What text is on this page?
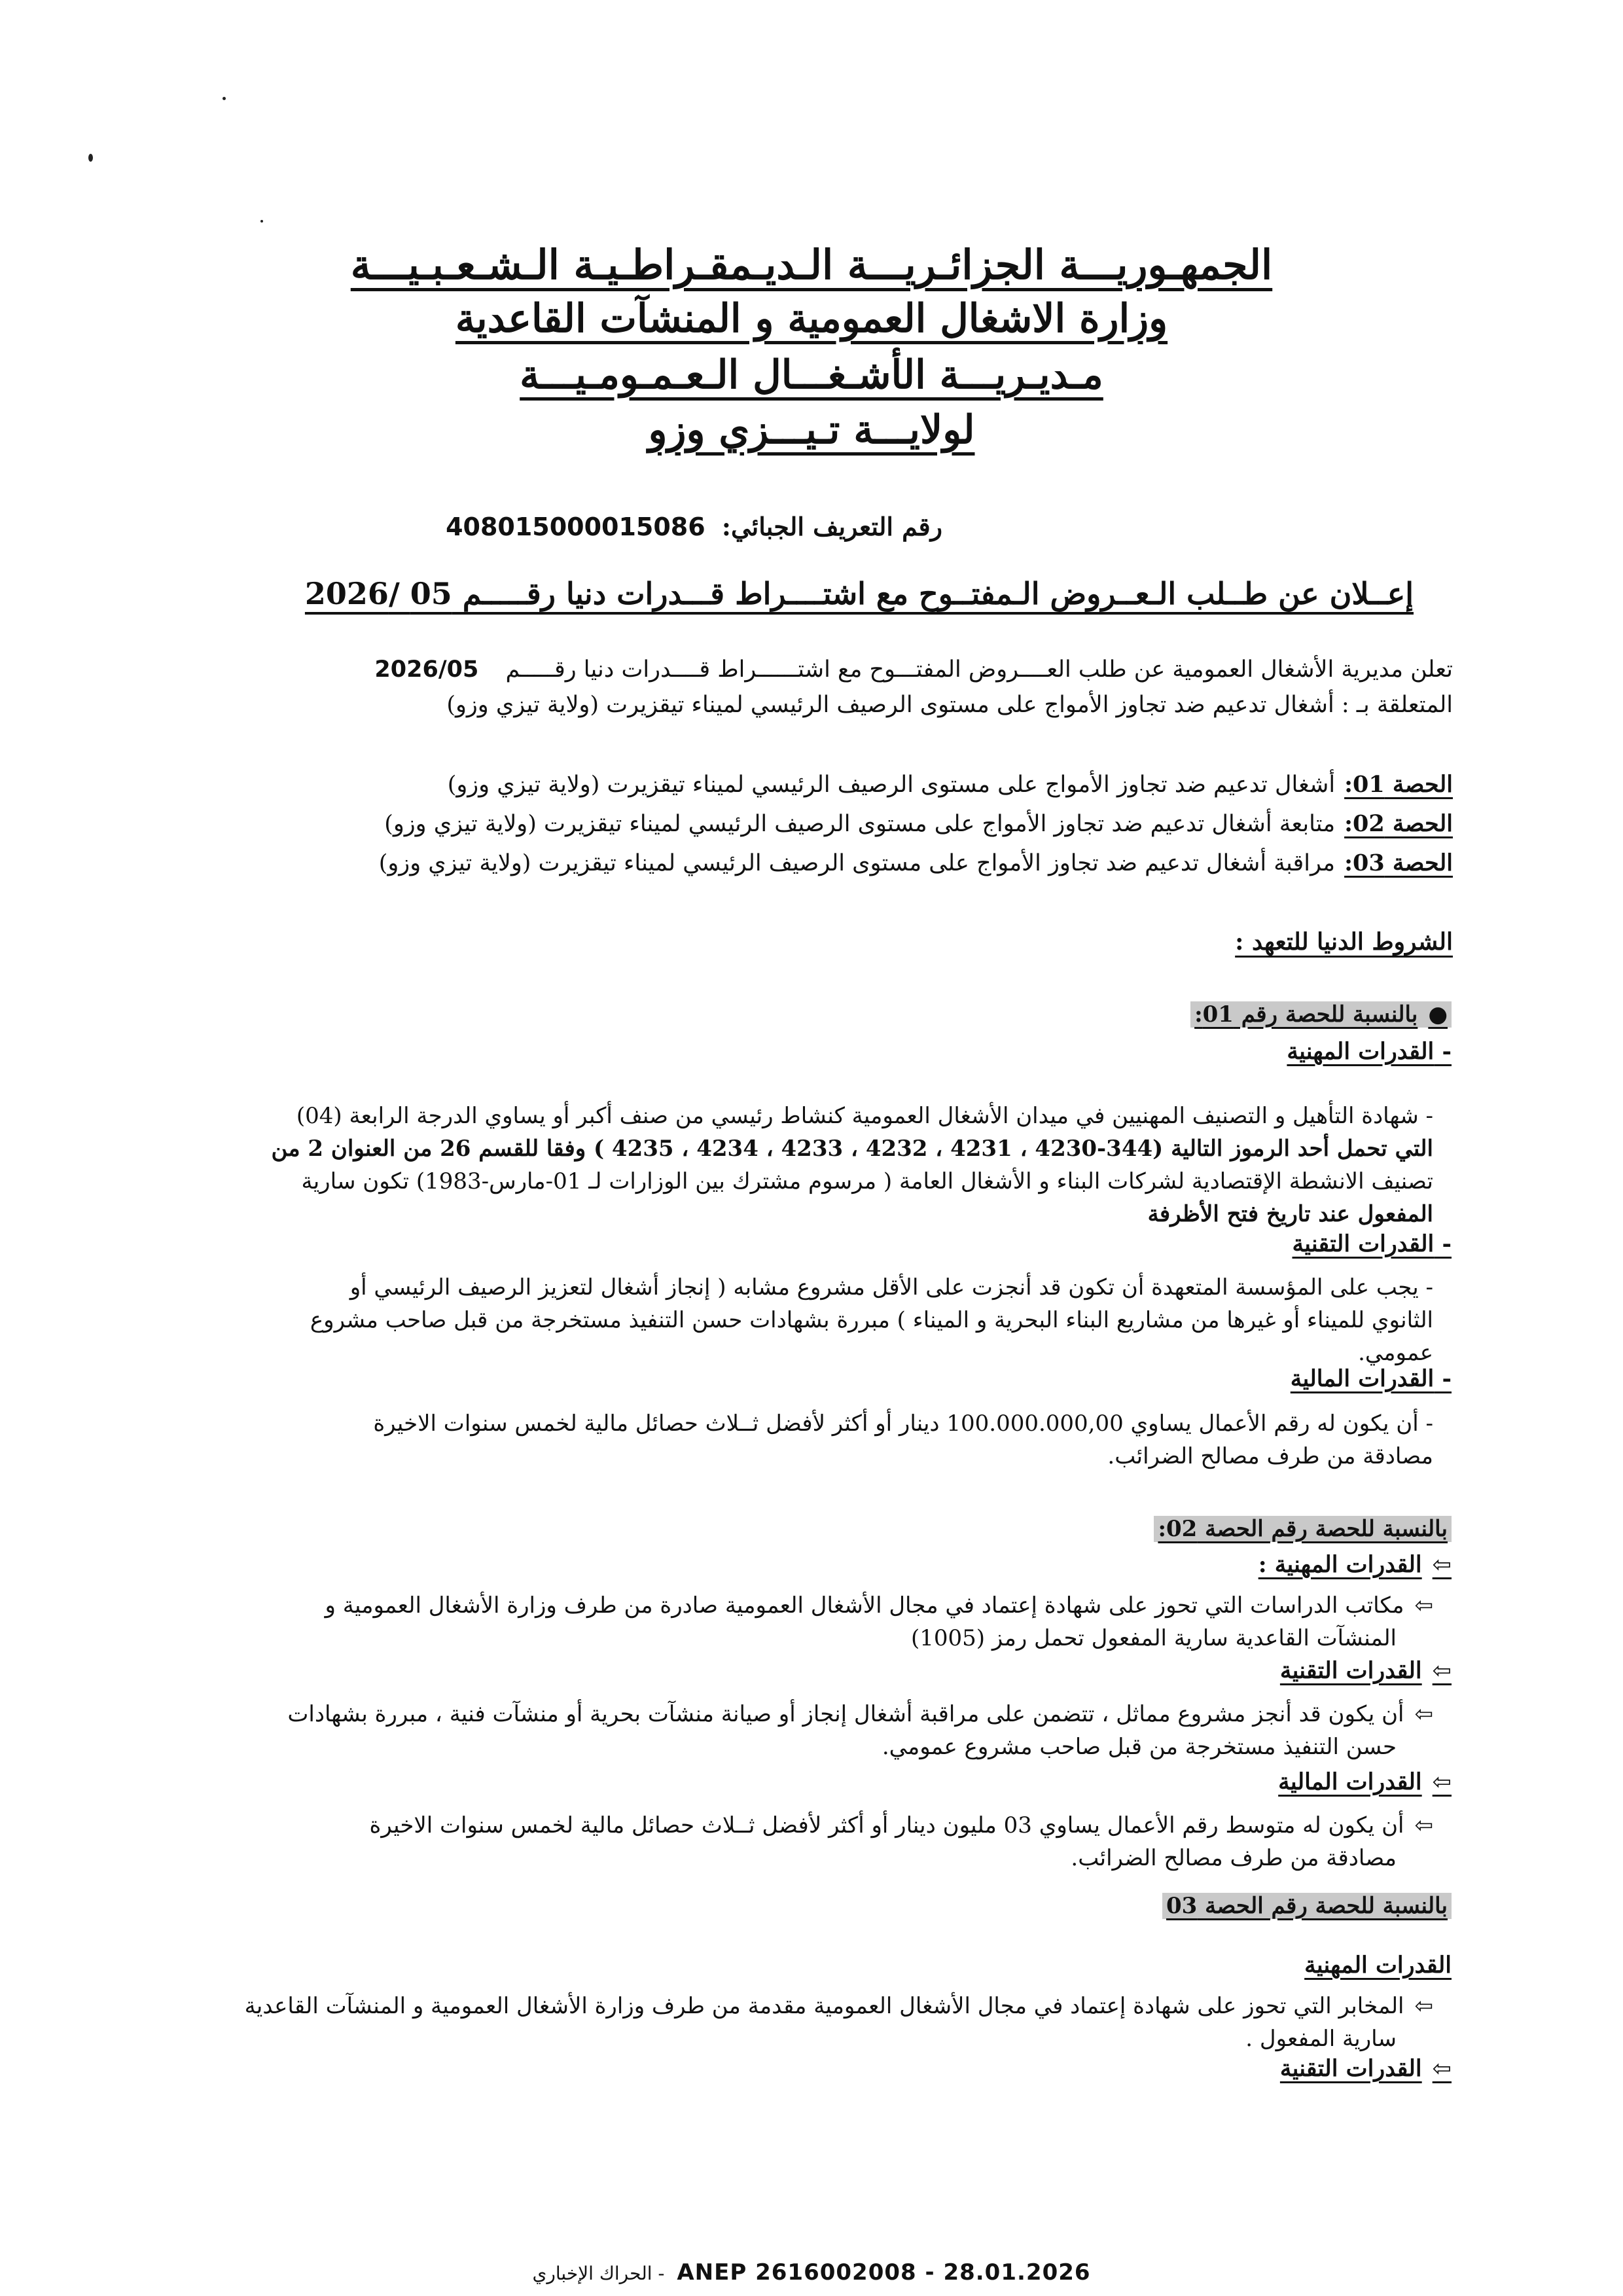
الجمهـوريـــة الجزائـريـــة الـديـمقـراطـيـة الـشـعـبـيـــة
وزارة الاشغال العمومية و المنشآت القاعدية
مـديـريـــة الأشـغـــال الـعـمـومـيـــة
لولايـــة تـيـــزي وزو
رقم التعريف الجبائي: 408015000015086
إعــلان عن طــلب الـعــروض الـمفتــوح مع اشتــــراط قـــدرات دنيا رقـــــم 05 /2026
تعلن مديرية الأشغال العمومية عن طلب العــــروض المفتـــوح مع اشتــــــراط قــــدرات دنيا رقـــــم 2026/05
المتعلقة بـ : أشغال تدعيم ضد تجاوز الأمواج على مستوى الرصيف الرئيسي لميناء تيقزيرت (ولاية تيزي وزو)
الحصة 01:أشغال تدعيم ضد تجاوز الأمواج على مستوى الرصيف الرئيسي لميناء تيقزيرت (ولاية تيزي وزو)
الحصة 02:متابعة أشغال تدعيم ضد تجاوز الأمواج على مستوى الرصيف الرئيسي لميناء تيقزيرت (ولاية تيزي وزو)
الحصة 03:مراقبة أشغال تدعيم ضد تجاوز الأمواج على مستوى الرصيف الرئيسي لميناء تيقزيرت (ولاية تيزي وزو)
الشروط الدنيا للتعهد :
●بالنسبة للحصة رقم 01:
- القدرات المهنية
- شهادة التأهيل و التصنيف المهنيين في ميدان الأشغال العمومية كنشاط رئيسي من صنف أكبر أو يساوي الدرجة الرابعة (04)
التي تحمل أحد الرموز التالية (344-4230 ، 4231 ، 4232 ، 4233 ، 4234 ، 4235 ) وفقا للقسم 26 من العنوان 2 من
تصنيف الانشطة الإقتصادية لشركات البناء و الأشغال العامة ( مرسوم مشترك بين الوزارات لـ 01-مارس-1983) تكون سارية
المفعول عند تاريخ فتح الأظرفة
- القدرات التقنية
- يجب على المؤسسة المتعهدة أن تكون قد أنجزت على الأقل مشروع مشابه ( إنجاز أشغال لتعزيز الرصيف الرئيسي أو
الثانوي للميناء أو غيرها من مشاريع البناء البحرية و الميناء ) مبررة بشهادات حسن التنفيذ مستخرجة من قبل صاحب مشروع
عمومي.
- القدرات المالية
- أن يكون له رقم الأعمال يساوي 100.000.000,00 دينار أو أكثر لأفضل ثــلاث حصائل مالية لخمس سنوات الاخيرة
مصادقة من طرف مصالح الضرائب.
بالنسبة للحصة رقم الحصة 02:
⇦القدرات المهنية :
⇦مكاتب الدراسات التي تحوز على شهادة إعتماد في مجال الأشغال العمومية صادرة من طرف وزارة الأشغال العمومية و
المنشآت القاعدية سارية المفعول تحمل رمز (1005)
⇦القدرات التقنية
⇦أن يكون قد أنجز مشروع مماثل ، تتضمن على مراقبة أشغال إنجاز أو صيانة منشآت بحرية أو منشآت فنية ، مبررة بشهادات
حسن التنفيذ مستخرجة من قبل صاحب مشروع عمومي.
⇦القدرات المالية
⇦أن يكون له متوسط رقم الأعمال يساوي 03 مليون دينار أو أكثر لأفضل ثــلاث حصائل مالية لخمس سنوات الاخيرة
مصادقة من طرف مصالح الضرائب.
بالنسبة للحصة رقم الحصة 03
القدرات المهنية
⇦المخابر التي تحوز على شهادة إعتماد في مجال الأشغال العمومية مقدمة من طرف وزارة الأشغال العمومية و المنشآت القاعدية
سارية المفعول .
⇦القدرات التقنية
الحراك الإخباري - ANEP 2616002008 - 28.01.2026
